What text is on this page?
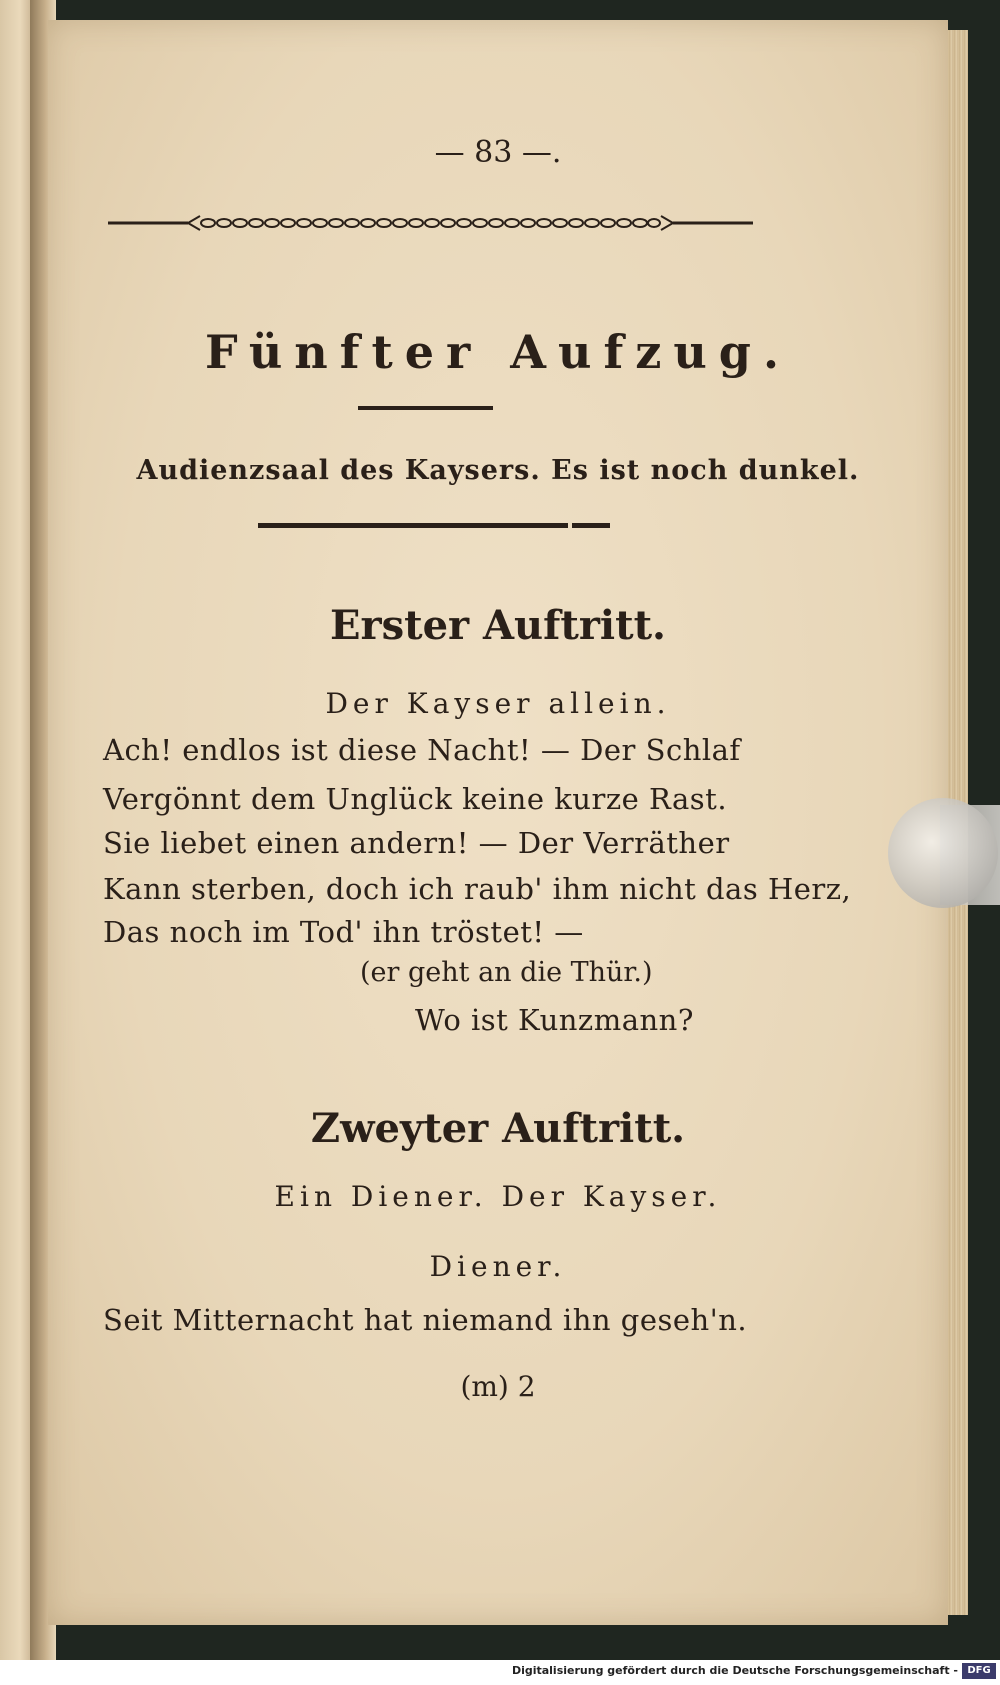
— 83 —.
Fünfter Aufzug.
Audienzsaal des Kaysers. Es ist noch dunkel.
Erster Auftritt.
Der Kayser allein.
Ach! endlos ist diese Nacht! — Der Schlaf
Vergönnt dem Unglück keine kurze Rast.
Sie liebet einen andern! — Der Verräther
Kann sterben, doch ich raub' ihm nicht das Herz,
Das noch im Tod' ihn tröstet! —
(er geht an die Thür.)
Wo ist Kunzmann?
Zweyter Auftritt.
Ein Diener. Der Kayser.
Diener.
Seit Mitternacht hat niemand ihn geseh'n.
(m) 2
Digitalisierung gefördert durch die Deutsche Forschungsgemeinschaft - DFG
